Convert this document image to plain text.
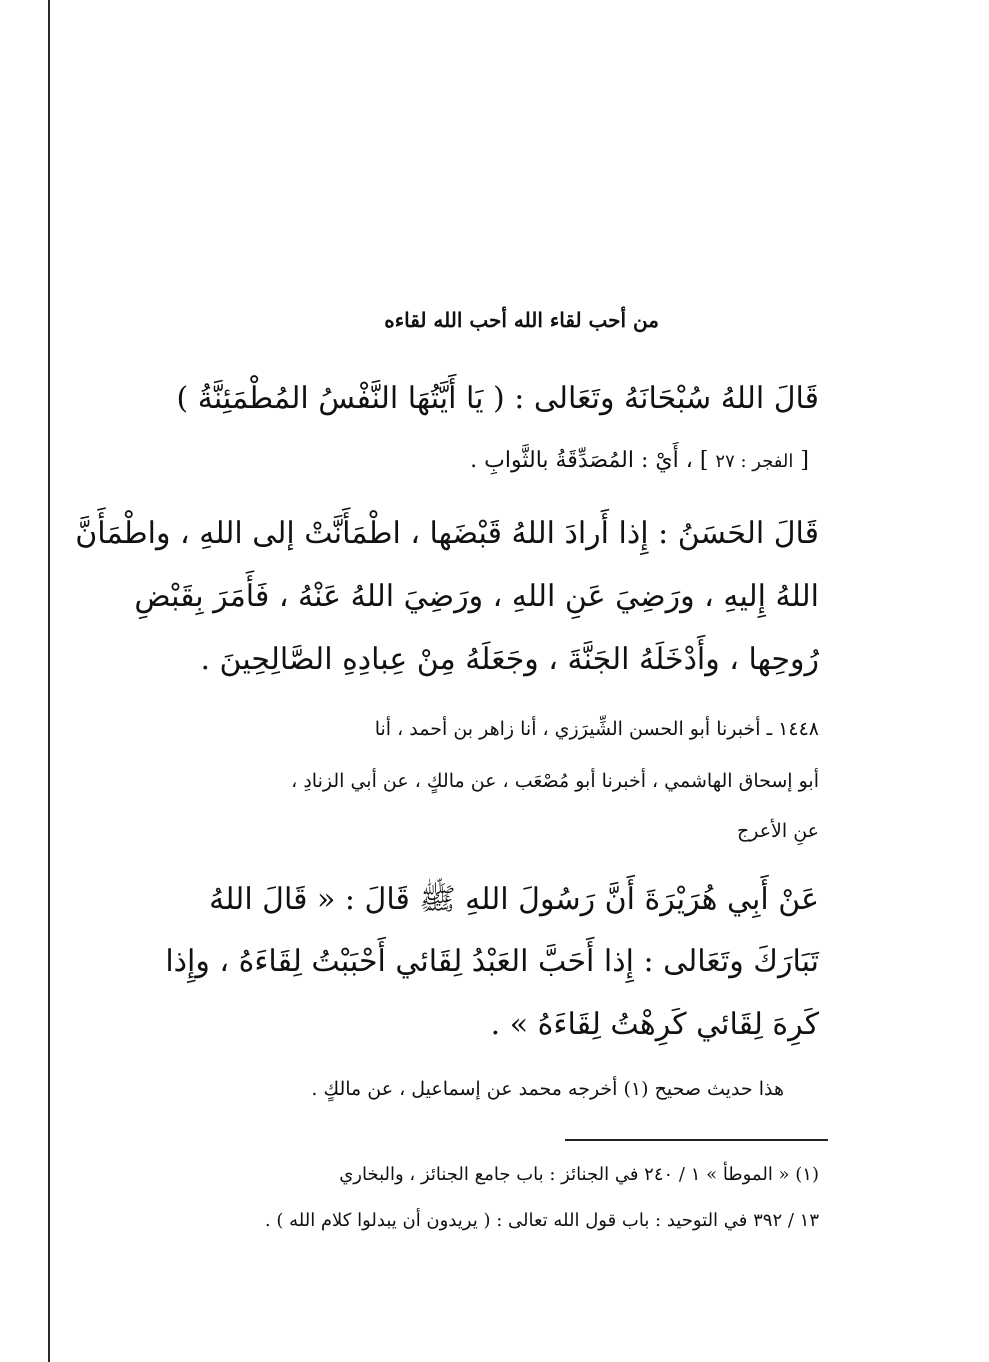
من أحب لقاء الله أحب الله لقاءه
قَالَ اللهُ سُبْحَانَهُ وتَعَالى : ( يَا أَيَّتُهَا النَّفْسُ المُطْمَئِنَّةُ )
[ الفجر : ٢٧ ] ، أَيْ : المُصَدِّقَةُ بالثَّوابِ .
قَالَ الحَسَنُ : إِذا أَرادَ اللهُ قَبْضَها ، اطْمَأَنَّتْ إلى اللهِ ، واطْمَأَنَّ
اللهُ إِليهِ ، ورَضِيَ عَنِ اللهِ ، ورَضِيَ اللهُ عَنْهُ ، فَأَمَرَ بِقَبْضِ
رُوحِها ، وأَدْخَلَهُ الجَنَّةَ ، وجَعَلَهُ مِنْ عِبادِهِ الصَّالِحِينَ .
١٤٤٨ ـ أخبرنا أبو الحسن الشِّيرَزي ، أنا زاهر بن أحمد ، أنا
أبو إسحاق الهاشمي ، أخبرنا أبو مُصْعَب ، عن مالكٍ ، عن أبي الزنادِ ،
عنِ الأعرج
عَنْ أَبِي هُرَيْرَةَ أَنَّ رَسُولَ اللهِ ﷺ قَالَ : « قَالَ اللهُ
تَبَارَكَ وتَعَالى : إِذا أَحَبَّ العَبْدُ لِقَائي أَحْبَبْتُ لِقَاءَهُ ، وإِذا
كَرِهَ لِقَائي كَرِهْتُ لِقَاءَهُ » .
هذا حديث صحيح (١) أخرجه محمد عن إسماعيل ، عن مالكٍ .
(١) « الموطأ » ١ / ٢٤٠ في الجنائز : باب جامع الجنائز ، والبخاري
١٣ / ٣٩٢ في التوحيد : باب قول الله تعالى : ( يريدون أن يبدلوا كلام الله ) .
